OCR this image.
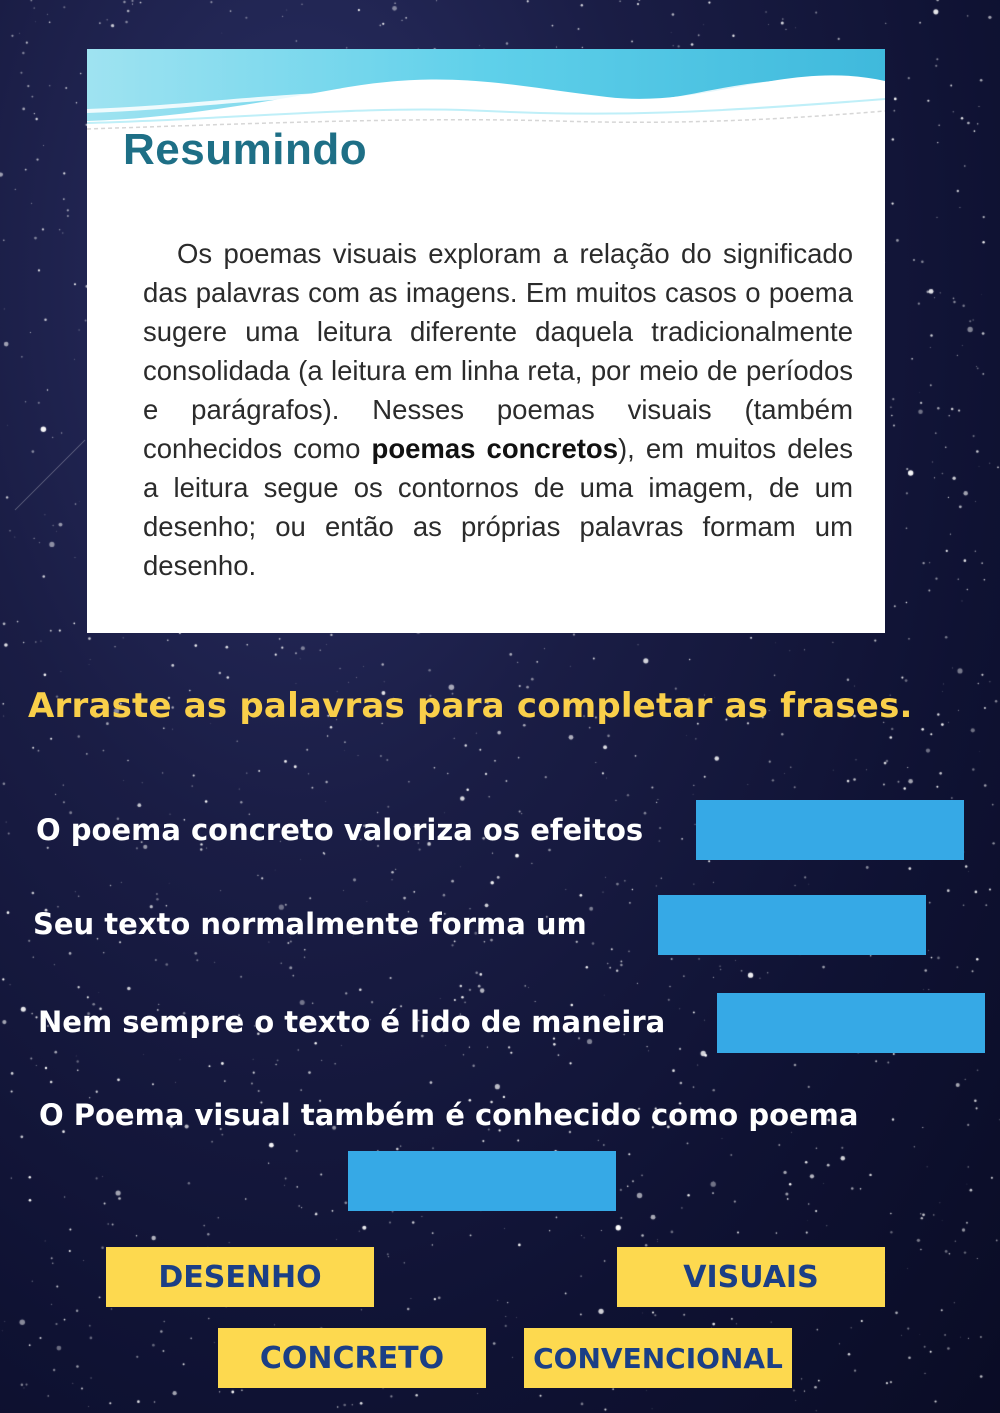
Resumindo

Os poemas visuais exploram a relação do significado das palavras com as imagens. Em muitos casos o poema sugere uma leitura diferente daquela tradicionalmente consolidada (a leitura em linha reta, por meio de períodos e parágrafos). Nesses poemas visuais (também conhecidos como poemas concretos), em muitos deles a leitura segue os contornos de uma imagem, de um desenho; ou então as próprias palavras formam um desenho.

Arraste as palavras para completar as frases.
O poema concreto valoriza os efeitos
Seu texto normalmente forma um
Nem sempre o texto é lido de maneira
O Poema visual também é conhecido como poema
DESENHO	VISUAIS
CONCRETO	CONVENCIONAL
